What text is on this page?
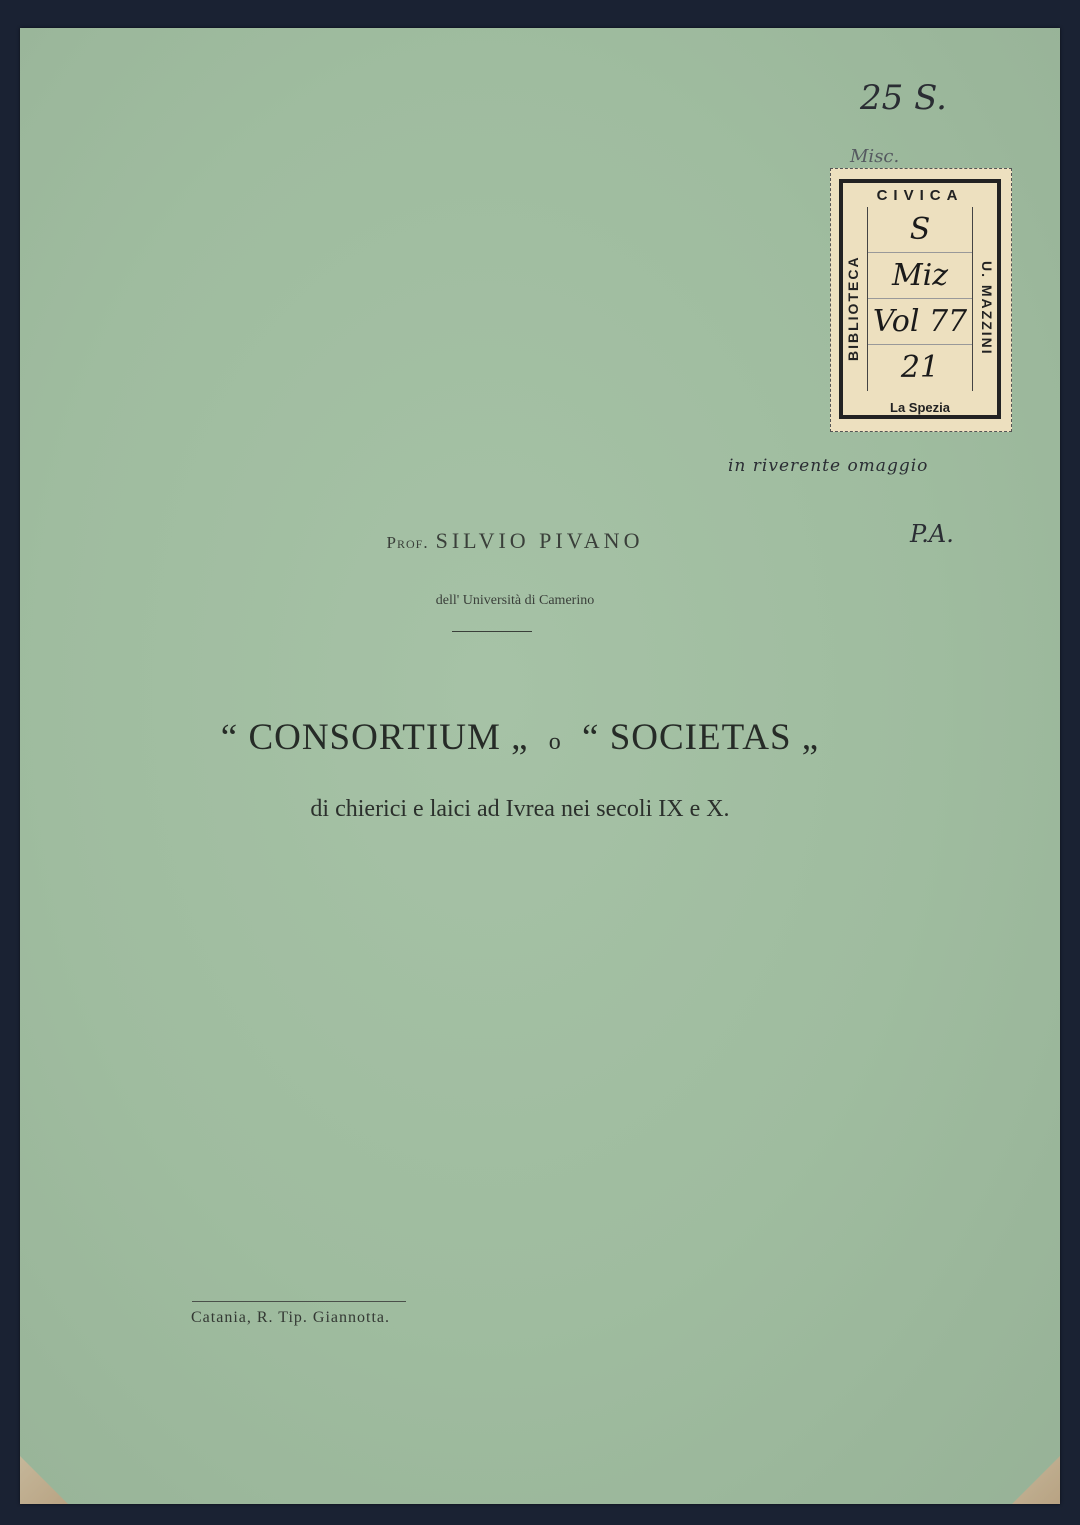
25 S.
Misc.
CIVICA
BIBLIOTECA	U. MAZZINI
S
Miz
Vol 77
21
La Spezia
in riverente omaggio
P.A.
Prof. SILVIO PIVANO
dell' Università di Camerino
“ CONSORTIUM „ o “ SOCIETAS „
di chierici e laici ad Ivrea nei secoli IX e X.
Catania, R. Tip. Giannotta.
